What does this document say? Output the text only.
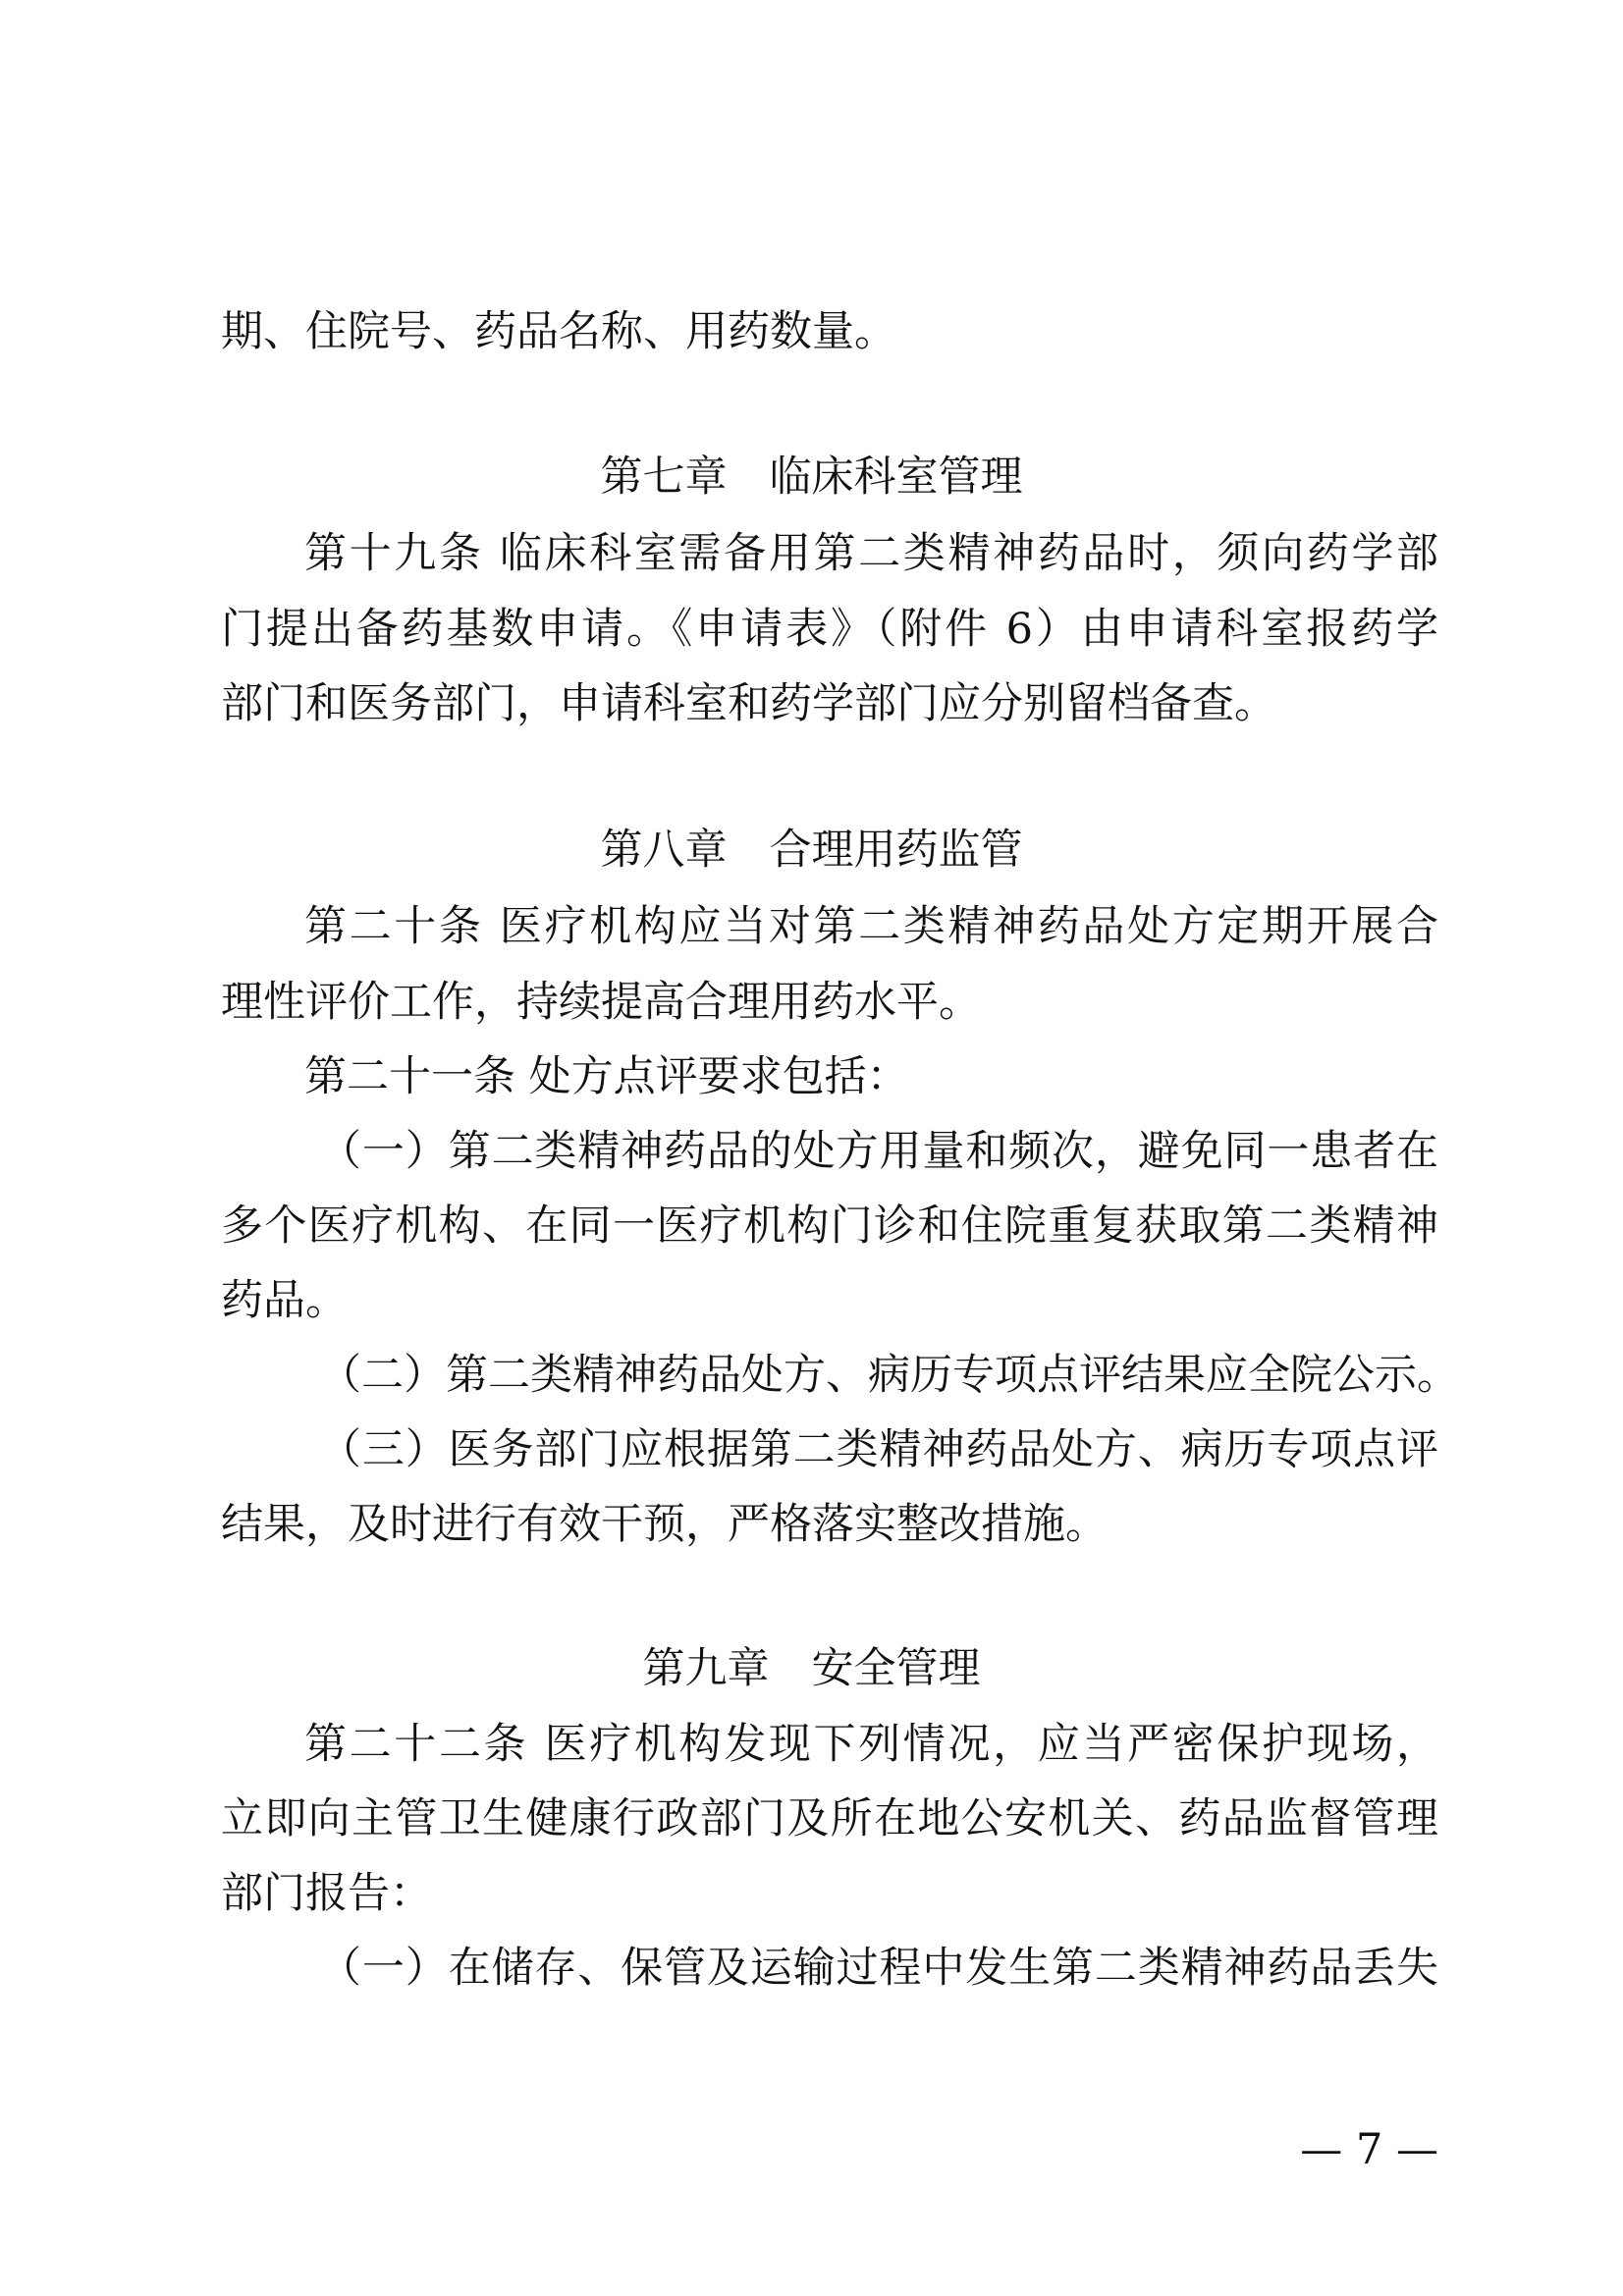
期、住院号、药品名称、用药数量。
第七章　临床科室管理
第十九条 临床科室需备用第二类精神药品时，须向药学部
门提出备药基数申请。《申请表》（附件 6）由申请科室报药学
部门和医务部门，申请科室和药学部门应分别留档备查。
第八章　合理用药监管
第二十条 医疗机构应当对第二类精神药品处方定期开展合
理性评价工作，持续提高合理用药水平。
第二十一条 处方点评要求包括：
（一）第二类精神药品的处方用量和频次，避免同一患者在
多个医疗机构、在同一医疗机构门诊和住院重复获取第二类精神
药品。
（二）第二类精神药品处方、病历专项点评结果应全院公示。
（三）医务部门应根据第二类精神药品处方、病历专项点评
结果，及时进行有效干预，严格落实整改措施。
第九章　安全管理
第二十二条 医疗机构发现下列情况，应当严密保护现场，
立即向主管卫生健康行政部门及所在地公安机关、药品监督管理
部门报告：
（一）在储存、保管及运输过程中发生第二类精神药品丢失
— 7 —
